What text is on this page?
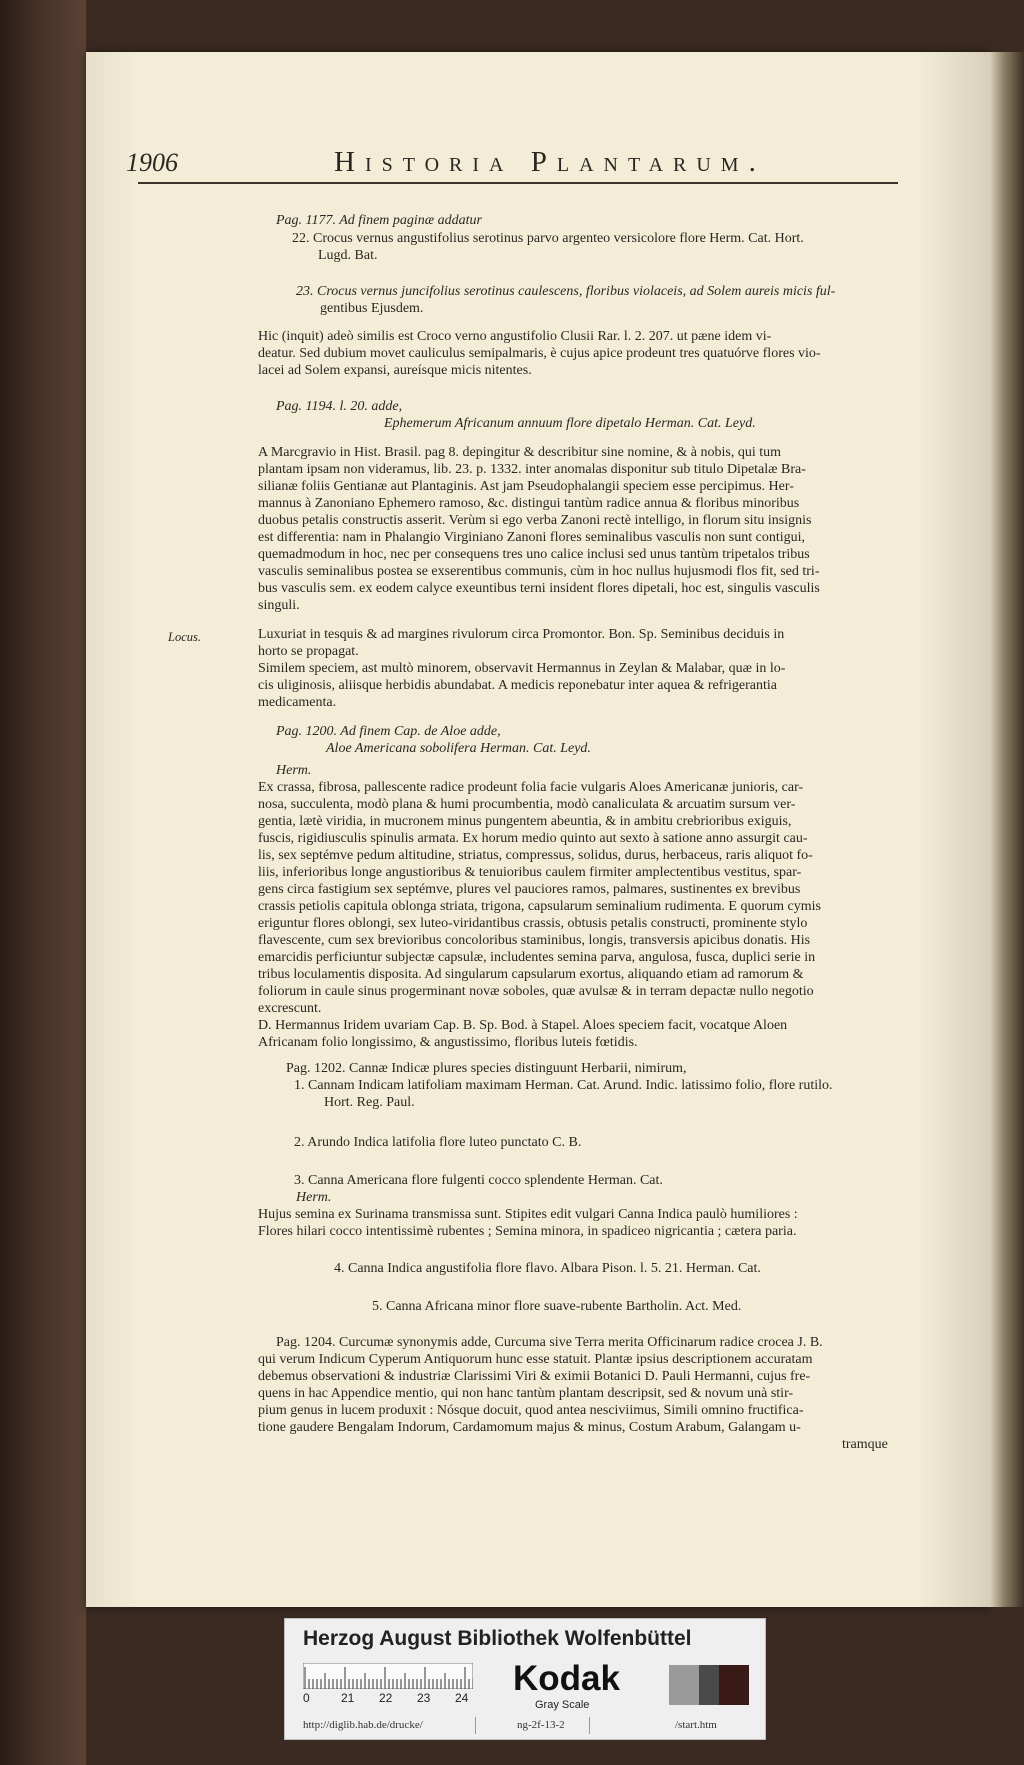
1906	Historia Plantarum.
Locus.
Pag. 1177. Ad finem paginæ addatur
22. Crocus vernus angustifolius serotinus parvo argenteo versicolore flore Herm. Cat. Hort.
Lugd. Bat.
23. Crocus vernus juncifolius serotinus caulescens, floribus violaceis, ad Solem aureis micis ful-
gentibus Ejusdem.
Hic (inquit) adeò similis est Croco verno angustifolio Clusii Rar. l. 2. 207. ut pæne idem vi-
deatur. Sed dubium movet cauliculus semipalmaris, è cujus apice prodeunt tres quatuórve flores vio-
lacei ad Solem expansi, aureísque micis nitentes.
Pag. 1194. l. 20. adde,
Ephemerum Africanum annuum flore dipetalo Herman. Cat. Leyd.
A Marcgravio in Hist. Brasil. pag 8. depingitur & describitur sine nomine, & à nobis, qui tum
plantam ipsam non videramus, lib. 23. p. 1332. inter anomalas disponitur sub titulo Dipetalæ Bra-
silianæ foliis Gentianæ aut Plantaginis. Ast jam Pseudophalangii speciem esse percipimus. Her-
mannus à Zanoniano Ephemero ramoso, &c. distingui tantùm radice annua & floribus minoribus
duobus petalis constructis asserit. Verùm si ego verba Zanoni rectè intelligo, in florum situ insignis
est differentia: nam in Phalangio Virginiano Zanoni flores seminalibus vasculis non sunt contigui,
quemadmodum in hoc, nec per consequens tres uno calice inclusi sed unus tantùm tripetalos tribus
vasculis seminalibus postea se exserentibus communis, cùm in hoc nullus hujusmodi flos fit, sed tri-
bus vasculis sem. ex eodem calyce exeuntibus terni insident flores dipetali, hoc est, singulis vasculis
singuli.
Luxuriat in tesquis & ad margines rivulorum circa Promontor. Bon. Sp. Seminibus deciduis in
horto se propagat.
Similem speciem, ast multò minorem, observavit Hermannus in Zeylan & Malabar, quæ in lo-
cis uliginosis, aliisque herbidis abundabat. A medicis reponebatur inter aquea & refrigerantia
medicamenta.
Pag. 1200. Ad finem Cap. de Aloe adde,
Aloe Americana sobolifera Herman. Cat. Leyd.
Herm.
Ex crassa, fibrosa, pallescente radice prodeunt folia facie vulgaris Aloes Americanæ junioris, car-
nosa, succulenta, modò plana & humi procumbentia, modò canaliculata & arcuatim sursum ver-
gentia, lætè viridia, in mucronem minus pungentem abeuntia, & in ambitu crebrioribus exiguis,
fuscis, rigidiusculis spinulis armata. Ex horum medio quinto aut sexto à satione anno assurgit cau-
lis, sex septémve pedum altitudine, striatus, compressus, solidus, durus, herbaceus, raris aliquot fo-
liis, inferioribus longe angustioribus & tenuioribus caulem firmiter amplectentibus vestitus, spar-
gens circa fastigium sex septémve, plures vel pauciores ramos, palmares, sustinentes ex brevibus
crassis petiolis capitula oblonga striata, trigona, capsularum seminalium rudimenta. E quorum cymis
eriguntur flores oblongi, sex luteo-viridantibus crassis, obtusis petalis constructi, prominente stylo
flavescente, cum sex brevioribus concoloribus staminibus, longis, transversis apicibus donatis. His
emarcidis perficiuntur subjectæ capsulæ, includentes semina parva, angulosa, fusca, duplici serie in
tribus loculamentis disposita. Ad singularum capsularum exortus, aliquando etiam ad ramorum &
foliorum in caule sinus progerminant novæ soboles, quæ avulsæ & in terram depactæ nullo negotio
excrescunt.
D. Hermannus Iridem uvariam Cap. B. Sp. Bod. à Stapel. Aloes speciem facit, vocatque Aloen
Africanam folio longissimo, & angustissimo, floribus luteis fœtidis.
Pag. 1202. Cannæ Indicæ plures species distinguunt Herbarii, nimirum,
1. Cannam Indicam latifoliam maximam Herman. Cat. Arund. Indic. latissimo folio, flore rutilo.
Hort. Reg. Paul.
2. Arundo Indica latifolia flore luteo punctato C. B.
3. Canna Americana flore fulgenti cocco splendente Herman. Cat.
Herm.
Hujus semina ex Surinama transmissa sunt. Stipites edit vulgari Canna Indica paulò humiliores :
Flores hilari cocco intentissimè rubentes ; Semina minora, in spadiceo nigricantia ; cætera paria.
4. Canna Indica angustifolia flore flavo. Albara Pison. l. 5. 21. Herman. Cat.
5. Canna Africana minor flore suave-rubente Bartholin. Act. Med.
Pag. 1204. Curcumæ synonymis adde, Curcuma sive Terra merita Officinarum radice crocea J. B.
qui verum Indicum Cyperum Antiquorum hunc esse statuit. Plantæ ipsius descriptionem accuratam
debemus observationi & industriæ Clarissimi Viri & eximii Botanici D. Pauli Hermanni, cujus fre-
quens in hac Appendice mentio, qui non hanc tantùm plantam descripsit, sed & novum unà stir-
pium genus in lucem produxit : Nósque docuit, quod antea nesciviimus, Simili omnino fructifica-
tione gaudere Bengalam Indorum, Cardamomum majus & minus, Costum Arabum, Galangam u-
tramque
Herzog August Bibliothek Wolfenbüttel
0	21 22 23 24 Kodak
Gray Scale
http://diglib.hab.de/drucke/	ng-2f-13-2	/start.htm
